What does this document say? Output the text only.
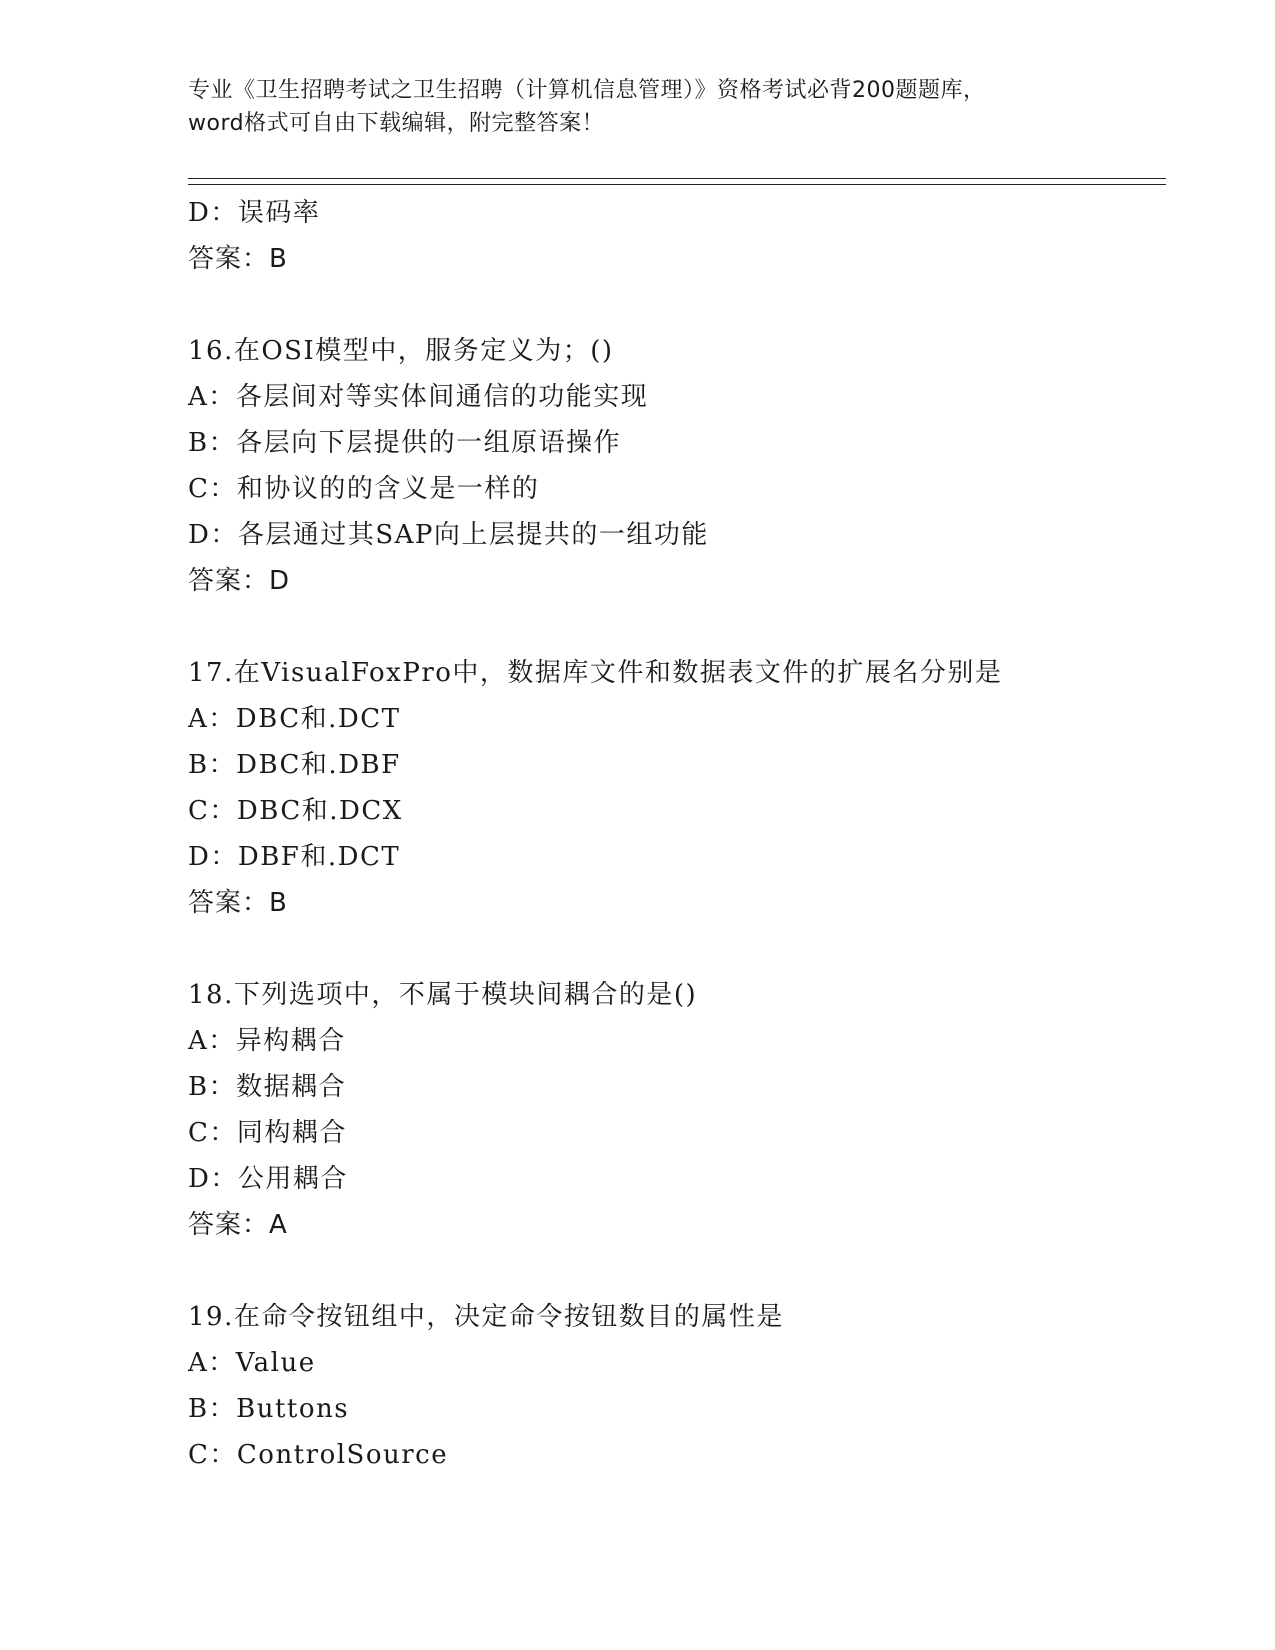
专业《卫生招聘考试之卫生招聘（计算机信息管理）》资格考试必背200题题库，
word格式可自由下载编辑，附完整答案！
D：误码率
答案：B
16.在OSI模型中，服务定义为；()
A：各层间对等实体间通信的功能实现
B：各层向下层提供的一组原语操作
C：和协议的的含义是一样的
D：各层通过其SAP向上层提共的一组功能
答案：D
17.在VisualFoxPro中，数据库文件和数据表文件的扩展名分别是
A：DBC和.DCT
B：DBC和.DBF
C：DBC和.DCX
D：DBF和.DCT
答案：B
18.下列选项中，不属于模块间耦合的是()
A：异构耦合
B：数据耦合
C：同构耦合
D：公用耦合
答案：A
19.在命令按钮组中，决定命令按钮数目的属性是
A：Value
B：Buttons
C：ControlSource
